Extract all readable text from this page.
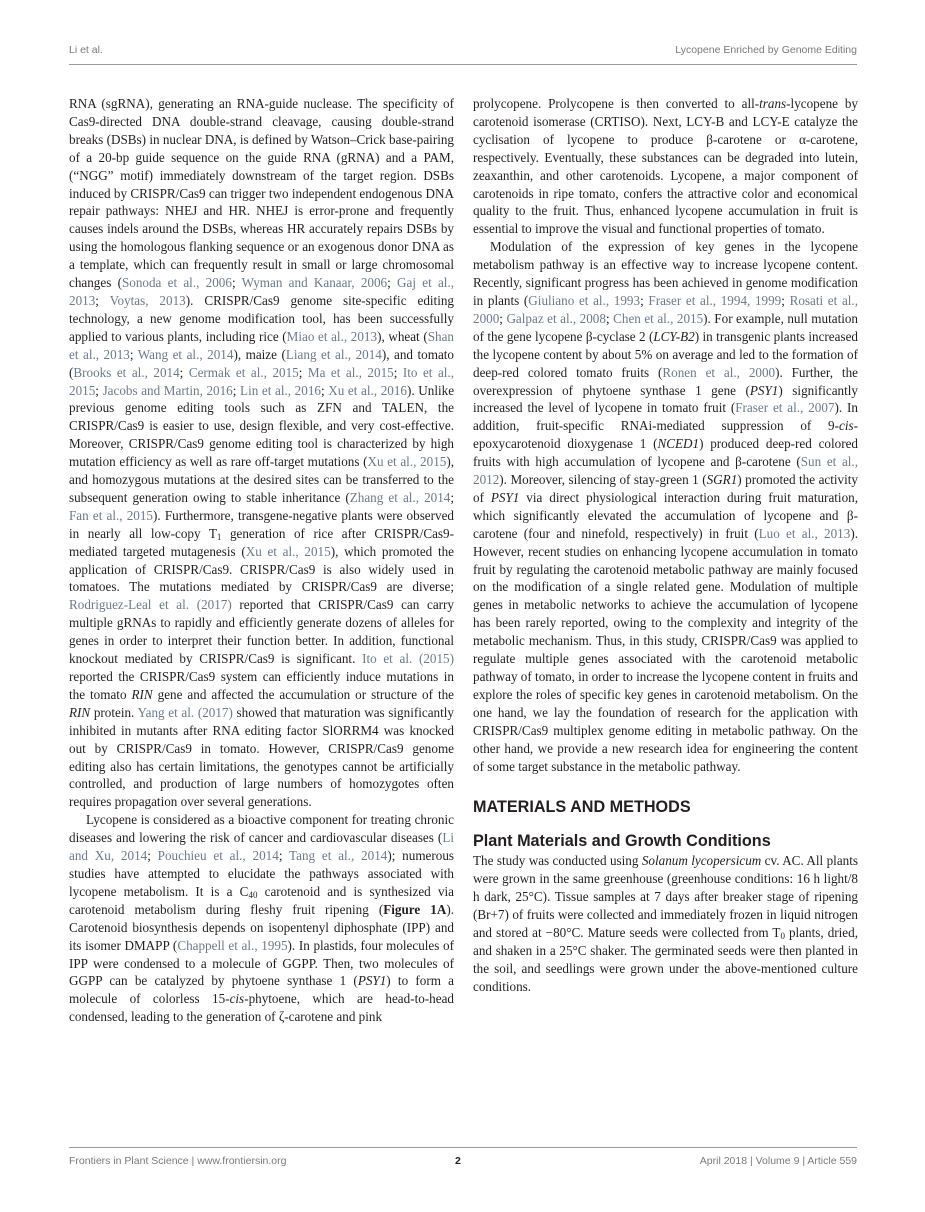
Li et al.	Lycopene Enriched by Genome Editing

RNA (sgRNA), generating an RNA-guide nuclease. The specificity of Cas9-directed DNA double-strand cleavage, causing double-strand breaks (DSBs) in nuclear DNA, is defined by Watson–Crick base-pairing of a 20-bp guide sequence on the guide RNA (gRNA) and a PAM, (“NGG” motif) immediately downstream of the target region. DSBs induced by CRISPR/Cas9 can trigger two independent endogenous DNA repair pathways: NHEJ and HR. NHEJ is error-prone and frequently causes indels around the DSBs, whereas HR accurately repairs DSBs by using the homologous flanking sequence or an exogenous donor DNA as a template, which can frequently result in small or large chromosomal changes (Sonoda et al., 2006; Wyman and Kanaar, 2006; Gaj et al., 2013; Voytas, 2013). CRISPR/Cas9 genome site-specific editing technology, a new genome modification tool, has been successfully applied to various plants, including rice (Miao et al., 2013), wheat (Shan et al., 2013; Wang et al., 2014), maize (Liang et al., 2014), and tomato (Brooks et al., 2014; Cermak et al., 2015; Ma et al., 2015; Ito et al., 2015; Jacobs and Martin, 2016; Lin et al., 2016; Xu et al., 2016). Unlike previous genome editing tools such as ZFN and TALEN, the CRISPR/Cas9 is easier to use, design flexible, and very cost-effective. Moreover, CRISPR/Cas9 genome editing tool is characterized by high mutation efficiency as well as rare off-target mutations (Xu et al., 2015), and homozygous mutations at the desired sites can be transferred to the subsequent generation owing to stable inheritance (Zhang et al., 2014; Fan et al., 2015). Furthermore, transgene-negative plants were observed in nearly all low-copy $T_1$ generation of rice after CRISPR/Cas9-mediated targeted mutagenesis (Xu et al., 2015), which promoted the application of CRISPR/Cas9. CRISPR/Cas9 is also widely used in tomatoes. The mutations mediated by CRISPR/Cas9 are diverse; Rodriguez-Leal et al. (2017) reported that CRISPR/Cas9 can carry multiple gRNAs to rapidly and efficiently generate dozens of alleles for genes in order to interpret their function better. In addition, functional knockout mediated by CRISPR/Cas9 is significant. Ito et al. (2015) reported the CRISPR/Cas9 system can efficiently induce mutations in the tomato RIN gene and affected the accumulation or structure of the RIN protein. Yang et al. (2017) showed that maturation was significantly inhibited in mutants after RNA editing factor SlORRM4 was knocked out by CRISPR/Cas9 in tomato. However, CRISPR/Cas9 genome editing also has certain limitations, the genotypes cannot be artificially controlled, and production of large numbers of homozygotes often requires propagation over several generations.

Lycopene is considered as a bioactive component for treating chronic diseases and lowering the risk of cancer and cardiovascular diseases (Li and Xu, 2014; Pouchieu et al., 2014; Tang et al., 2014); numerous studies have attempted to elucidate the pathways associated with lycopene metabolism. It is a $C_{40}$ carotenoid and is synthesized via carotenoid metabolism during fleshy fruit ripening (Figure 1A). Carotenoid biosynthesis depends on isopentenyl diphosphate (IPP) and its isomer DMAPP (Chappell et al., 1995). In plastids, four molecules of IPP were condensed to a molecule of GGPP. Then, two molecules of GGPP can be catalyzed by phytoene synthase 1 (PSY1) to form a molecule of colorless 15-cis-phytoene, which are head-to-head condensed, leading to the generation of ζ-carotene and pink

prolycopene. Prolycopene is then converted to all-trans-lycopene by carotenoid isomerase (CRTISO). Next, LCY-B and LCY-E catalyze the cyclisation of lycopene to produce β-carotene or α-carotene, respectively. Eventually, these substances can be degraded into lutein, zeaxanthin, and other carotenoids. Lycopene, a major component of carotenoids in ripe tomato, confers the attractive color and economical quality to the fruit. Thus, enhanced lycopene accumulation in fruit is essential to improve the visual and functional properties of tomato.

Modulation of the expression of key genes in the lycopene metabolism pathway is an effective way to increase lycopene content. Recently, significant progress has been achieved in genome modification in plants (Giuliano et al., 1993; Fraser et al., 1994, 1999; Rosati et al., 2000; Galpaz et al., 2008; Chen et al., 2015). For example, null mutation of the gene lycopene β-cyclase 2 (LCY-B2) in transgenic plants increased the lycopene content by about 5% on average and led to the formation of deep-red colored tomato fruits (Ronen et al., 2000). Further, the overexpression of phytoene synthase 1 gene (PSY1) significantly increased the level of lycopene in tomato fruit (Fraser et al., 2007). In addition, fruit-specific RNAi-mediated suppression of 9-cis-epoxycarotenoid dioxygenase 1 (NCED1) produced deep-red colored fruits with high accumulation of lycopene and β-carotene (Sun et al., 2012). Moreover, silencing of stay-green 1 (SGR1) promoted the activity of PSY1 via direct physiological interaction during fruit maturation, which significantly elevated the accumulation of lycopene and β-carotene (four and ninefold, respectively) in fruit (Luo et al., 2013). However, recent studies on enhancing lycopene accumulation in tomato fruit by regulating the carotenoid metabolic pathway are mainly focused on the modification of a single related gene. Modulation of multiple genes in metabolic networks to achieve the accumulation of lycopene has been rarely reported, owing to the complexity and integrity of the metabolic mechanism. Thus, in this study, CRISPR/Cas9 was applied to regulate multiple genes associated with the carotenoid metabolic pathway of tomato, in order to increase the lycopene content in fruits and explore the roles of specific key genes in carotenoid metabolism. On the one hand, we lay the foundation of research for the application with CRISPR/Cas9 multiplex genome editing in metabolic pathway. On the other hand, we provide a new research idea for engineering the content of some target substance in the metabolic pathway.

MATERIALS AND METHODS
Plant Materials and Growth Conditions

The study was conducted using Solanum lycopersicum cv. AC. All plants were grown in the same greenhouse (greenhouse conditions: 16 h light/8 h dark, 25°C). Tissue samples at 7 days after breaker stage of ripening (Br+7) of fruits were collected and immediately frozen in liquid nitrogen and stored at −80°C. Mature seeds were collected from $T_0$ plants, dried, and shaken in a 25°C shaker. The germinated seeds were then planted in the soil, and seedlings were grown under the above-mentioned culture conditions.

Frontiers in Plant Science | www.frontiersin.org	2	April 2018 | Volume 9 | Article 559
